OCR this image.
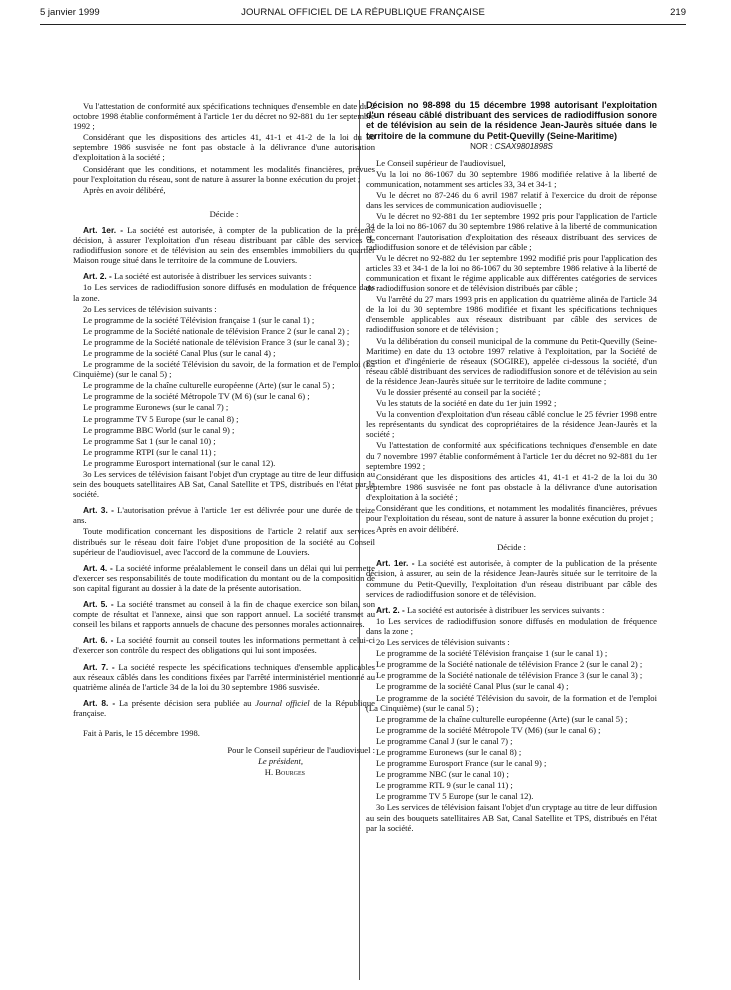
5 janvier 1999	JOURNAL OFFICIEL DE LA RÉPUBLIQUE FRANÇAISE	219

Vu l'attestation de conformité aux spécifications techniques d'ensemble en date du 2 octobre 1998 établie conformément à l'article 1er du décret no 92-881 du 1er septembre 1992 ;

Considérant que les dispositions des articles 41, 41-1 et 41-2 de la loi du 30 septembre 1986 susvisée ne font pas obstacle à la délivrance d'une autorisation d'exploitation à la société ;

Considérant que les conditions, et notamment les modalités financières, prévues pour l'exploitation du réseau, sont de nature à assurer la bonne exécution du projet ;

Après en avoir délibéré,

Décide :

Art. 1er. - La société est autorisée, à compter de la publication de la présente décision, à assurer l'exploitation d'un réseau distribuant par câble des services de radiodiffusion sonore et de télévision au sein des ensembles immobiliers du quartier Maison rouge situé dans le territoire de la commune de Louviers.

Art. 2. - La société est autorisée à distribuer les services suivants :

1o Les services de radiodiffusion sonore diffusés en modulation de fréquence dans la zone.

2o Les services de télévision suivants :

Le programme de la société Télévision française 1 (sur le canal 1) ;

Le programme de la Société nationale de télévision France 2 (sur le canal 2) ;

Le programme de la Société nationale de télévision France 3 (sur le canal 3) ;

Le programme de la société Canal Plus (sur le canal 4) ;

Le programme de la société Télévision du savoir, de la formation et de l'emploi (La Cinquième) (sur le canal 5) ;

Le programme de la chaîne culturelle européenne (Arte) (sur le canal 5) ;

Le programme de la société Métropole TV (M 6) (sur le canal 6) ;

Le programme Euronews (sur le canal 7) ;

Le programme TV 5 Europe (sur le canal 8) ;

Le programme BBC World (sur le canal 9) ;

Le programme Sat 1 (sur le canal 10) ;

Le programme RTPI (sur le canal 11) ;

Le programme Eurosport international (sur le canal 12).

3o Les services de télévision faisant l'objet d'un cryptage au titre de leur diffusion au sein des bouquets satellitaires AB Sat, Canal Satellite et TPS, distribués en l'état par la société.

Art. 3. - L'autorisation prévue à l'article 1er est délivrée pour une durée de treize ans.

Toute modification concernant les dispositions de l'article 2 relatif aux services distribués sur le réseau doit faire l'objet d'une proposition de la société au Conseil supérieur de l'audiovisuel, avec l'accord de la commune de Louviers.

Art. 4. - La société informe préalablement le conseil dans un délai qui lui permette d'exercer ses responsabilités de toute modification du montant ou de la composition de son capital figurant au dossier à la date de la présente autorisation.

Art. 5. - La société transmet au conseil à la fin de chaque exercice son bilan, son compte de résultat et l'annexe, ainsi que son rapport annuel. La société transmet au conseil les bilans et rapports annuels de chacune des personnes morales actionnaires.

Art. 6. - La société fournit au conseil toutes les informations permettant à celui-ci d'exercer son contrôle du respect des obligations qui lui sont imposées.

Art. 7. - La société respecte les spécifications techniques d'ensemble applicables aux réseaux câblés dans les conditions fixées par l'arrêté interministériel mentionné au quatrième alinéa de l'article 34 de la loi du 30 septembre 1986 susvisée.

Art. 8. - La présente décision sera publiée au Journal officiel de la République française.

Fait à Paris, le 15 décembre 1998.

Pour le Conseil supérieur de l'audiovisuel :

Le président,

H. Bourges

Décision no 98-898 du 15 décembre 1998 autorisant l'exploitation d'un réseau câblé distribuant des services de radiodiffusion sonore et de télévision au sein de la résidence Jean-Jaurès située dans le territoire de la commune du Petit-Quevilly (Seine-Maritime)

NOR : CSAX9801898S

Le Conseil supérieur de l'audiovisuel,

Vu la loi no 86-1067 du 30 septembre 1986 modifiée relative à la liberté de communication, notamment ses articles 33, 34 et 34-1 ;

Vu le décret no 87-246 du 6 avril 1987 relatif à l'exercice du droit de réponse dans les services de communication audiovisuelle ;

Vu le décret no 92-881 du 1er septembre 1992 pris pour l'application de l'article 34 de la loi no 86-1067 du 30 septembre 1986 relative à la liberté de communication et concernant l'autorisation d'exploitation des réseaux distribuant des services de radiodiffusion sonore et de télévision par câble ;

Vu le décret no 92-882 du 1er septembre 1992 modifié pris pour l'application des articles 33 et 34-1 de la loi no 86-1067 du 30 septembre 1986 relative à la liberté de communication et fixant le régime applicable aux différentes catégories de services de radiodiffusion sonore et de télévision distribués par câble ;

Vu l'arrêté du 27 mars 1993 pris en application du quatrième alinéa de l'article 34 de la loi du 30 septembre 1986 modifiée et fixant les spécifications techniques d'ensemble applicables aux réseaux distribuant par câble des services de radiodiffusion sonore et de télévision ;

Vu la délibération du conseil municipal de la commune du Petit-Quevilly (Seine-Maritime) en date du 13 octobre 1997 relative à l'exploitation, par la Société de gestion et d'ingénierie de réseaux (SOGIRE), appelée ci-dessous la société, d'un réseau câblé distribuant des services de radiodiffusion sonore et de télévision au sein de la résidence Jean-Jaurès située sur le territoire de ladite commune ;

Vu le dossier présenté au conseil par la société ;

Vu les statuts de la société en date du 1er juin 1992 ;

Vu la convention d'exploitation d'un réseau câblé conclue le 25 février 1998 entre les représentants du syndicat des copropriétaires de la résidence Jean-Jaurès et la société ;

Vu l'attestation de conformité aux spécifications techniques d'ensemble en date du 7 novembre 1997 établie conformément à l'article 1er du décret no 92-881 du 1er septembre 1992 ;

Considérant que les dispositions des articles 41, 41-1 et 41-2 de la loi du 30 septembre 1986 susvisée ne font pas obstacle à la délivrance d'une autorisation d'exploitation à la société ;

Considérant que les conditions, et notamment les modalités financières, prévues pour l'exploitation du réseau, sont de nature à assurer la bonne exécution du projet ;

Après en avoir délibéré.

Décide :

Art. 1er. - La société est autorisée, à compter de la publication de la présente décision, à assurer, au sein de la résidence Jean-Jaurès située sur le territoire de la commune du Petit-Quevilly, l'exploitation d'un réseau distribuant par câble des services de radiodiffusion sonore et de télévision.

Art. 2. - La société est autorisée à distribuer les services suivants :

1o Les services de radiodiffusion sonore diffusés en modulation de fréquence dans la zone ;

2o Les services de télévision suivants :

Le programme de la société Télévision française 1 (sur le canal 1) ;

Le programme de la Société nationale de télévision France 2 (sur le canal 2) ;

Le programme de la Société nationale de télévision France 3 (sur le canal 3) ;

Le programme de la société Canal Plus (sur le canal 4) ;

Le programme de la société Télévision du savoir, de la formation et de l'emploi (La Cinquième) (sur le canal 5) ;

Le programme de la chaîne culturelle européenne (Arte) (sur le canal 5) ;

Le programme de la société Métropole TV (M6) (sur le canal 6) ;

Le programme Canal J (sur le canal 7) ;

Le programme Euronews (sur le canal 8) ;

Le programme Eurosport France (sur le canal 9) ;

Le programme NBC (sur le canal 10) ;

Le programme RTL 9 (sur le canal 11) ;

Le programme TV 5 Europe (sur le canal 12).

3o Les services de télévision faisant l'objet d'un cryptage au titre de leur diffusion au sein des bouquets satellitaires AB Sat, Canal Satellite et TPS, distribués en l'état par la société.
